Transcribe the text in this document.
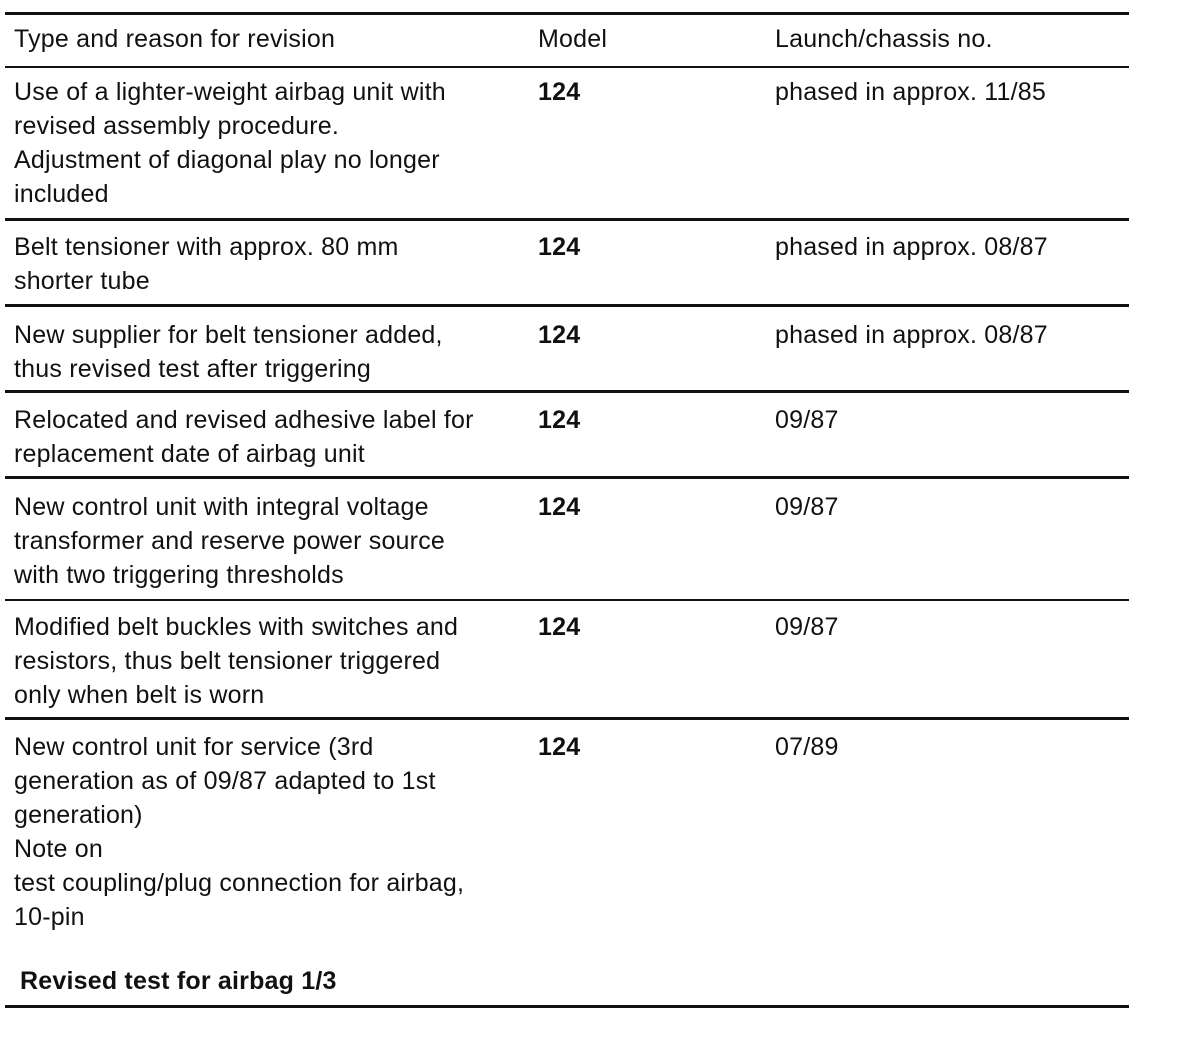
Type and reason for revision	Model	Launch/chassis no.
Use of a lighter-weight airbag unit with
revised assembly procedure.
Adjustment of diagonal play no longer
included
124	phased in approx. 11/85
Belt tensioner with approx. 80 mm
shorter tube
124	phased in approx. 08/87
New supplier for belt tensioner added,
thus revised test after triggering
124	phased in approx. 08/87
Relocated and revised adhesive label for
replacement date of airbag unit
124	09/87
New control unit with integral voltage
transformer and reserve power source
with two triggering thresholds
124	09/87
Modified belt buckles with switches and
resistors, thus belt tensioner triggered
only when belt is worn
124	09/87
New control unit for service (3rd
generation as of 09/87 adapted to 1st
generation)
Note on
test coupling/plug connection for airbag,
10-pin
Revised test for airbag 1/3
124	07/89
